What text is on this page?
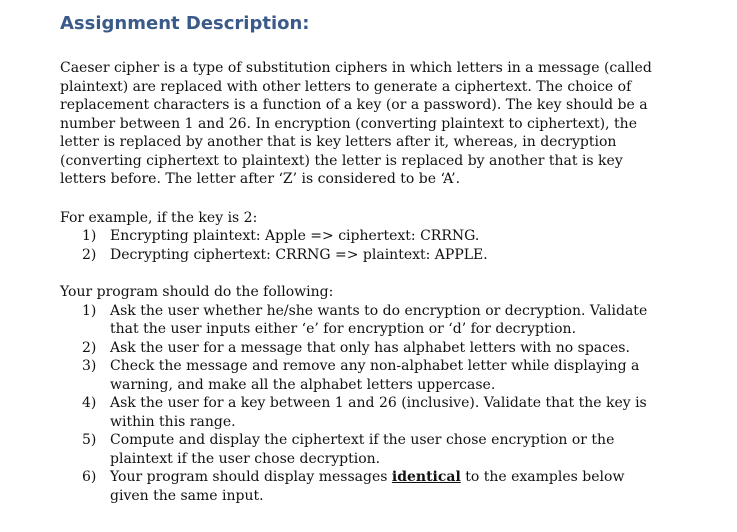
Assignment Description:
Caeser cipher is a type of substitution ciphers in which letters in a message (called
plaintext) are replaced with other letters to generate a ciphertext. The choice of
replacement characters is a function of a key (or a password). The key should be a
number between 1 and 26. In encryption (converting plaintext to ciphertext), the
letter is replaced by another that is key letters after it, whereas, in decryption
(converting ciphertext to plaintext) the letter is replaced by another that is key
letters before. The letter after ‘Z’ is considered to be ‘A’.
For example, if the key is 2:
1) Encrypting plaintext: Apple => ciphertext: CRRNG.
2) Decrypting ciphertext: CRRNG => plaintext: APPLE.
Your program should do the following:
1) Ask the user whether he/she wants to do encryption or decryption. Validate
that the user inputs either ‘e’ for encryption or ‘d’ for decryption.
2) Ask the user for a message that only has alphabet letters with no spaces.
3) Check the message and remove any non-alphabet letter while displaying a
warning, and make all the alphabet letters uppercase.
4) Ask the user for a key between 1 and 26 (inclusive). Validate that the key is
within this range.
5) Compute and display the ciphertext if the user chose encryption or the
plaintext if the user chose decryption.
6) Your program should display messages identical to the examples below
given the same input.
